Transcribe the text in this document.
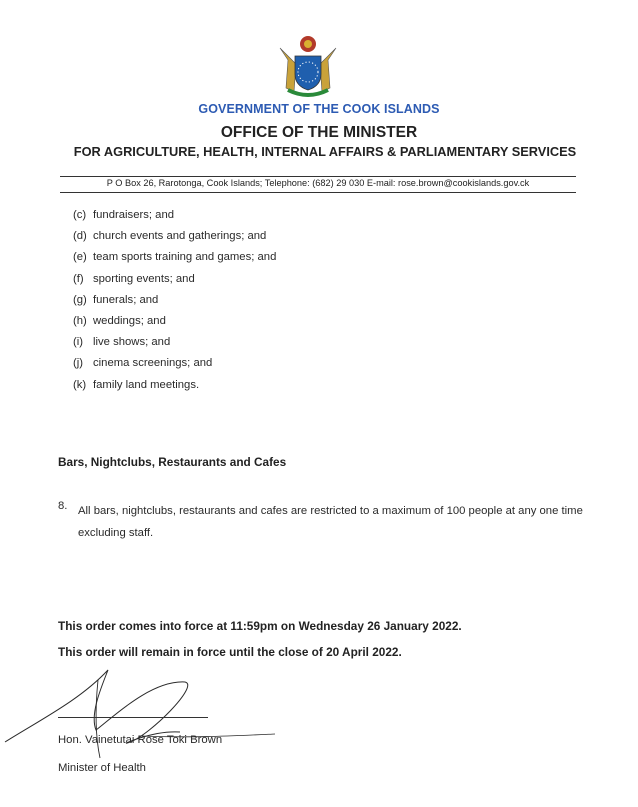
GOVERNMENT OF THE COOK ISLANDS
OFFICE OF THE MINISTER
FOR AGRICULTURE, HEALTH, INTERNAL AFFAIRS & PARLIAMENTARY SERVICES
P O Box 26, Rarotonga, Cook Islands; Telephone: (682) 29 030 E-mail: rose.brown@cookislands.gov.ck
(c) fundraisers; and
(d) church events and gatherings; and
(e) team sports training and games; and
(f) sporting events; and
(g) funerals; and
(h) weddings; and
(i) live shows; and
(j) cinema screenings; and
(k) family land meetings.
Bars, Nightclubs, Restaurants and Cafes
8. All bars, nightclubs, restaurants and cafes are restricted to a maximum of 100 people at any one time excluding staff.
This order comes into force at 11:59pm on Wednesday 26 January 2022.
This order will remain in force until the close of 20 April 2022.
Hon. Vainetutai Rose Toki Brown
Minister of Health
